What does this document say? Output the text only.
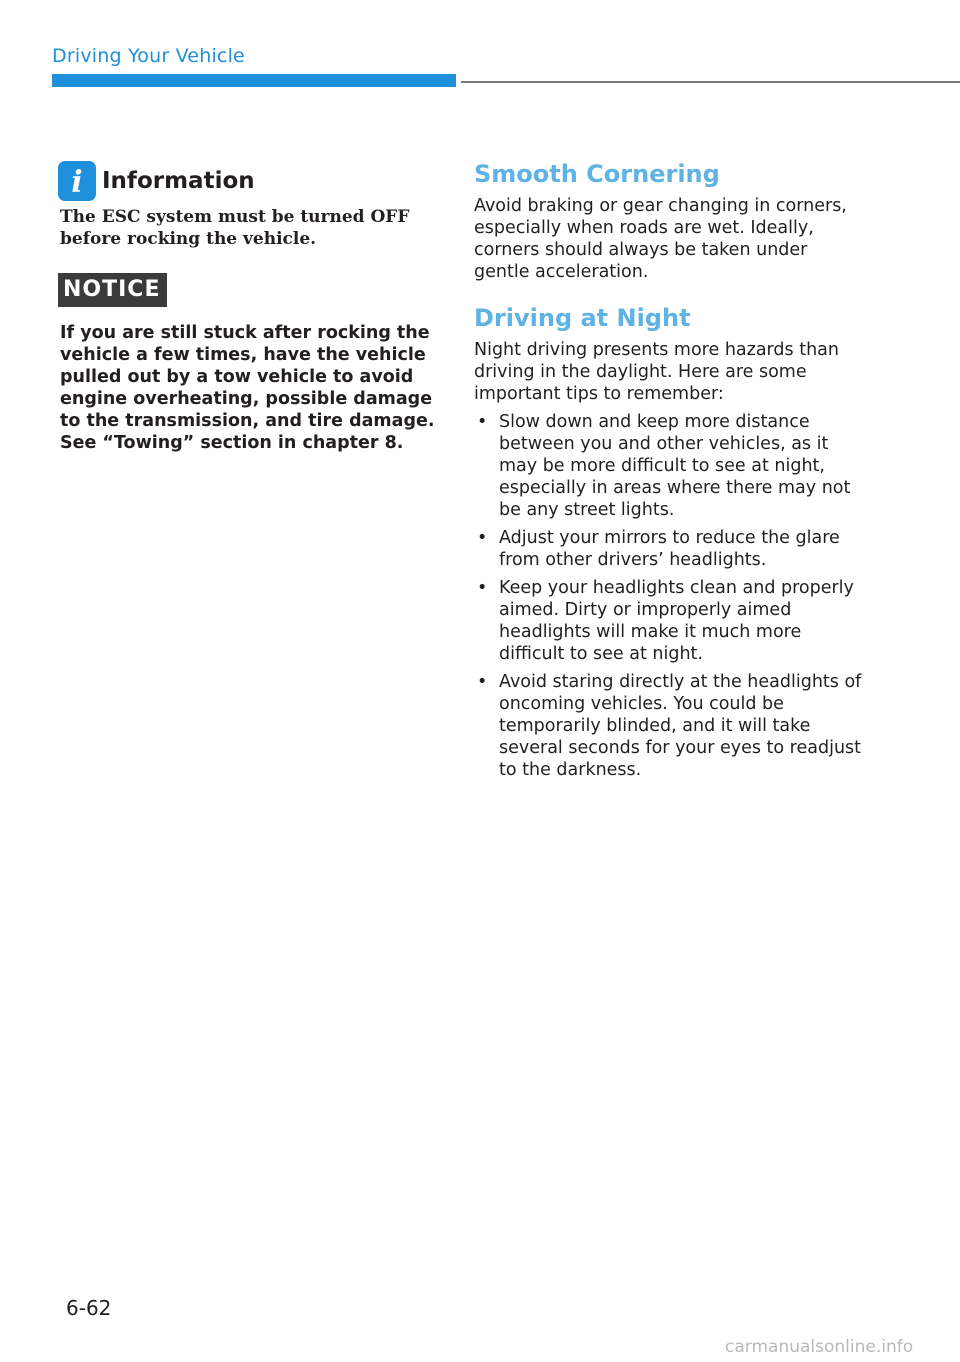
Driving Your Vehicle
i Information

The ESC system must be turned OFF before rocking the vehicle.

NOTICE

If you are still stuck after rocking the vehicle a few times, have the vehicle pulled out by a tow vehicle to avoid engine overheating, possible damage to the transmission, and tire damage. See “Towing” section in chapter 8.

Smooth Cornering

Avoid braking or gear changing in corners, especially when roads are wet. Ideally, corners should always be taken under gentle acceleration.

Driving at Night

Night driving presents more hazards than driving in the daylight. Here are some important tips to remember:

• Slow down and keep more distance between you and other vehicles, as it may be more difficult to see at night, especially in areas where there may not be any street lights.
• Adjust your mirrors to reduce the glare from other drivers’ headlights.
• Keep your headlights clean and properly aimed. Dirty or improperly aimed headlights will make it much more difficult to see at night.
• Avoid staring directly at the headlights of oncoming vehicles. You could be temporarily blinded, and it will take several seconds for your eyes to readjust to the darkness.
6-62
carmanualsonline.info
